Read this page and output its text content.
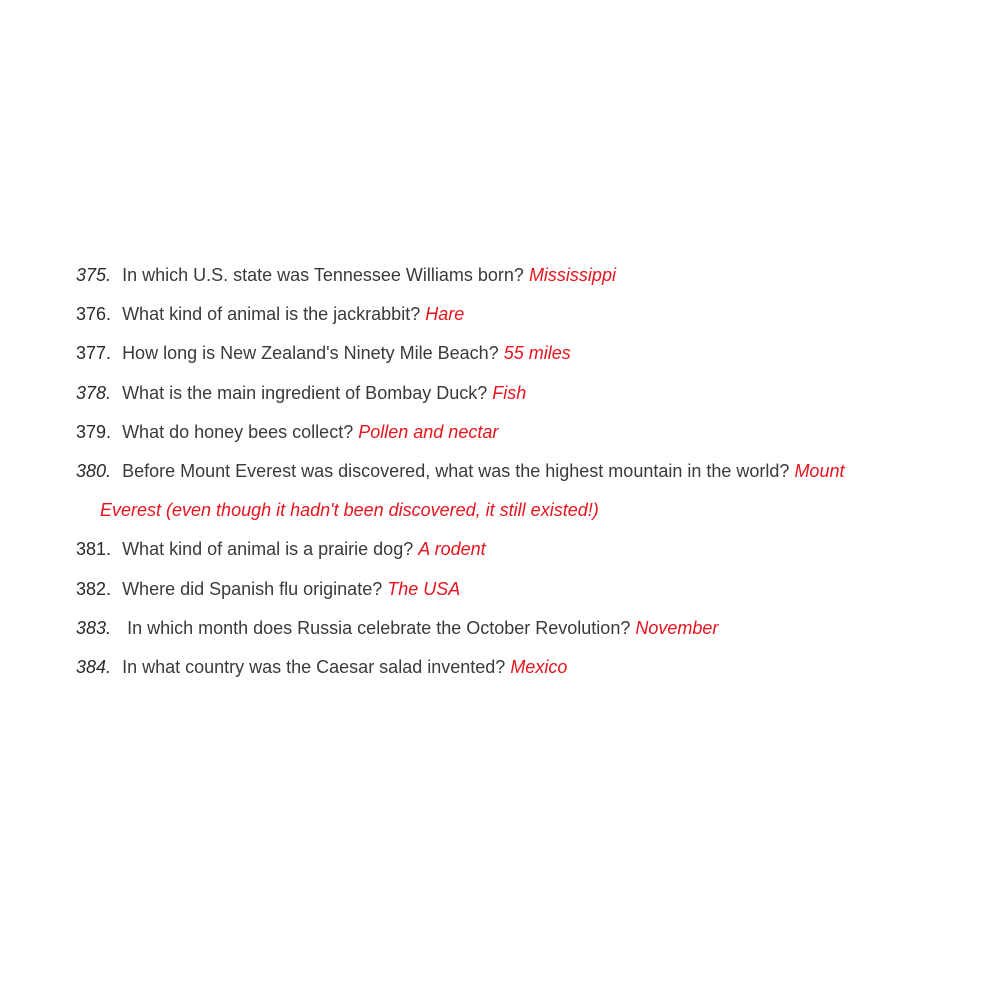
375. In which U.S. state was Tennessee Williams born? Mississippi
376. What kind of animal is the jackrabbit? Hare
377. How long is New Zealand's Ninety Mile Beach? 55 miles
378. What is the main ingredient of Bombay Duck? Fish
379. What do honey bees collect? Pollen and nectar
380. Before Mount Everest was discovered, what was the highest mountain in the world? Mount
Everest (even though it hadn't been discovered, it still existed!)
381. What kind of animal is a prairie dog? A rodent
382. Where did Spanish flu originate? The USA
383. In which month does Russia celebrate the October Revolution? November
384. In what country was the Caesar salad invented? Mexico
